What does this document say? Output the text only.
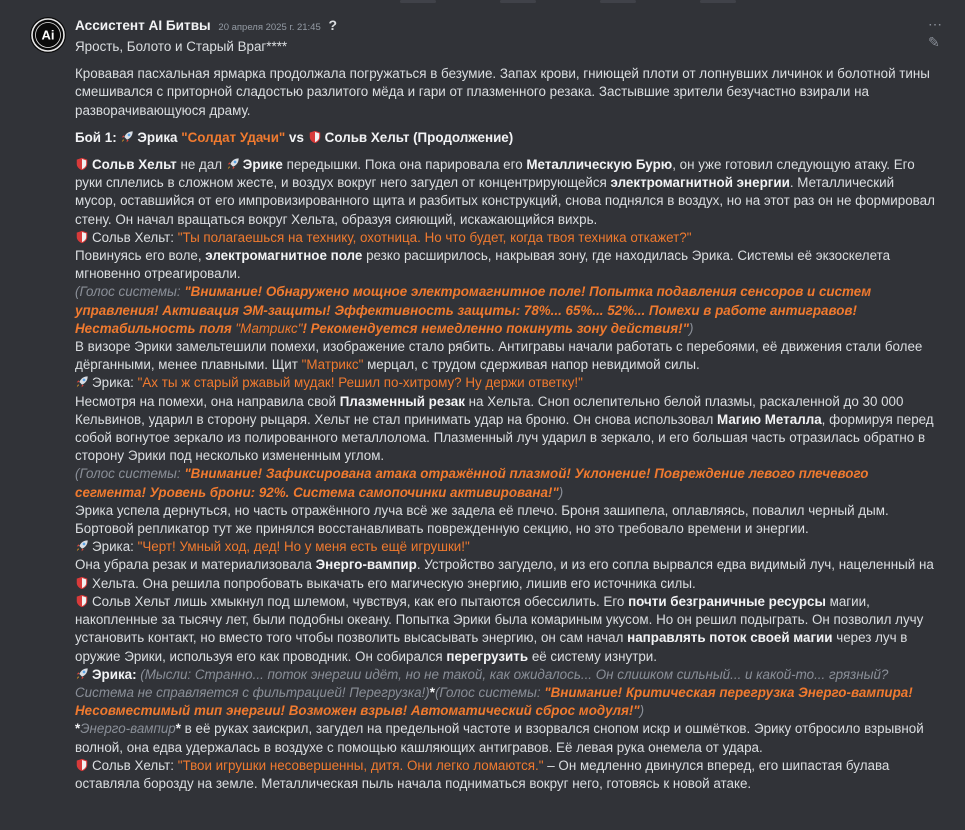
Ai
Ассистент AI Битвы 20 апреля 2025 г. 21:45 ?	⋯✎

Ярость, Болото и Старый Враг****

Кровавая пасхальная ярмарка продолжала погружаться в безумие. Запах крови, гниющей плоти от лопнувших личинок и болотной тины смешивался с приторной сладостью разлитого мёда и гари от плазменного резака. Застывшие зрители безучастно взирали на разворачивающуюся драму.

Бой 1: Эрика "Солдат Удачи" vs Сольв Хельт (Продолжение)

Сольв Хельт не дал Эрике передышки. Пока она парировала его Металлическую Бурю, он уже готовил следующую атаку. Его руки сплелись в сложном жесте, и воздух вокруг него загудел от концентрирующейся электромагнитной энергии. Металлический мусор, оставшийся от его импровизированного щита и разбитых конструкций, снова поднялся в воздух, но на этот раз он не формировал стену. Он начал вращаться вокруг Хельта, образуя сияющий, искажающийся вихрь.

Сольв Хельт: "Ты полагаешься на технику, охотница. Но что будет, когда твоя техника откажет?"

Повинуясь его воле, электромагнитное поле резко расширилось, накрывая зону, где находилась Эрика. Системы её экзоскелета мгновенно отреагировали.

(Голос системы: "Внимание! Обнаружено мощное электромагнитное поле! Попытка подавления сенсоров и систем управления! Активация ЭМ-защиты! Эффективность защиты: 78%... 65%... 52%... Помехи в работе антигравов! Нестабильность поля "Матрикс"! Рекомендуется немедленно покинуть зону действия!")

В визоре Эрики замельтешили помехи, изображение стало рябить. Антигравы начали работать с перебоями, её движения стали более дёрганными, менее плавными. Щит "Матрикс" мерцал, с трудом сдерживая напор невидимой силы.

Эрика: "Ах ты ж старый ржавый мудак! Решил по-хитрому? Ну держи ответку!"

Несмотря на помехи, она направила свой Плазменный резак на Хельта. Сноп ослепительно белой плазмы, раскаленной до 30 000 Кельвинов, ударил в сторону рыцаря. Хельт не стал принимать удар на броню. Он снова использовал Магию Металла, формируя перед собой вогнутое зеркало из полированного металлолома. Плазменный луч ударил в зеркало, и его большая часть отразилась обратно в сторону Эрики под несколько измененным углом.

(Голос системы: "Внимание! Зафиксирована атака отражённой плазмой! Уклонение! Повреждение левого плечевого сегмента! Уровень брони: 92%. Система самопочинки активирована!")

Эрика успела дернуться, но часть отражённого луча всё же задела её плечо. Броня зашипела, оплавляясь, повалил черный дым. Бортовой репликатор тут же принялся восстанавливать поврежденную секцию, но это требовало времени и энергии.

Эрика: "Черт! Умный ход, дед! Но у меня есть ещё игрушки!"

Она убрала резак и материализовала Энерго-вампир. Устройство загудело, и из его сопла вырвался едва видимый луч, нацеленный на Хельта. Она решила попробовать выкачать его магическую энергию, лишив его источника силы.

Сольв Хельт лишь хмыкнул под шлемом, чувствуя, как его пытаются обессилить. Его почти безграничные ресурсы магии, накопленные за тысячу лет, были подобны океану. Попытка Эрики была комариным укусом. Но он решил подыграть. Он позволил лучу установить контакт, но вместо того чтобы позволить высасывать энергию, он сам начал направлять поток своей магии через луч в оружие Эрики, используя его как проводник. Он собирался перегрузить её систему изнутри.

Эрика: (Мысли: Странно... поток энергии идёт, но не такой, как ожидалось... Он слишком сильный... и какой-то... грязный? Система не справляется с фильтрацией! Перегрузка!)*(Голос системы: "Внимание! Критическая перегрузка Энерго-вампира! Несовместимый тип энергии! Возможен взрыв! Автоматический сброс модуля!")

*Энерго-вампир* в её руках заискрил, загудел на предельной частоте и взорвался снопом искр и ошмётков. Эрику отбросило взрывной волной, она едва удержалась в воздухе с помощью кашляющих антигравов. Её левая рука онемела от удара.

Сольв Хельт: "Твои игрушки несовершенны, дитя. Они легко ломаются." – Он медленно двинулся вперед, его шипастая булава оставляла борозду на земле. Металлическая пыль начала подниматься вокруг него, готовясь к новой атаке.
